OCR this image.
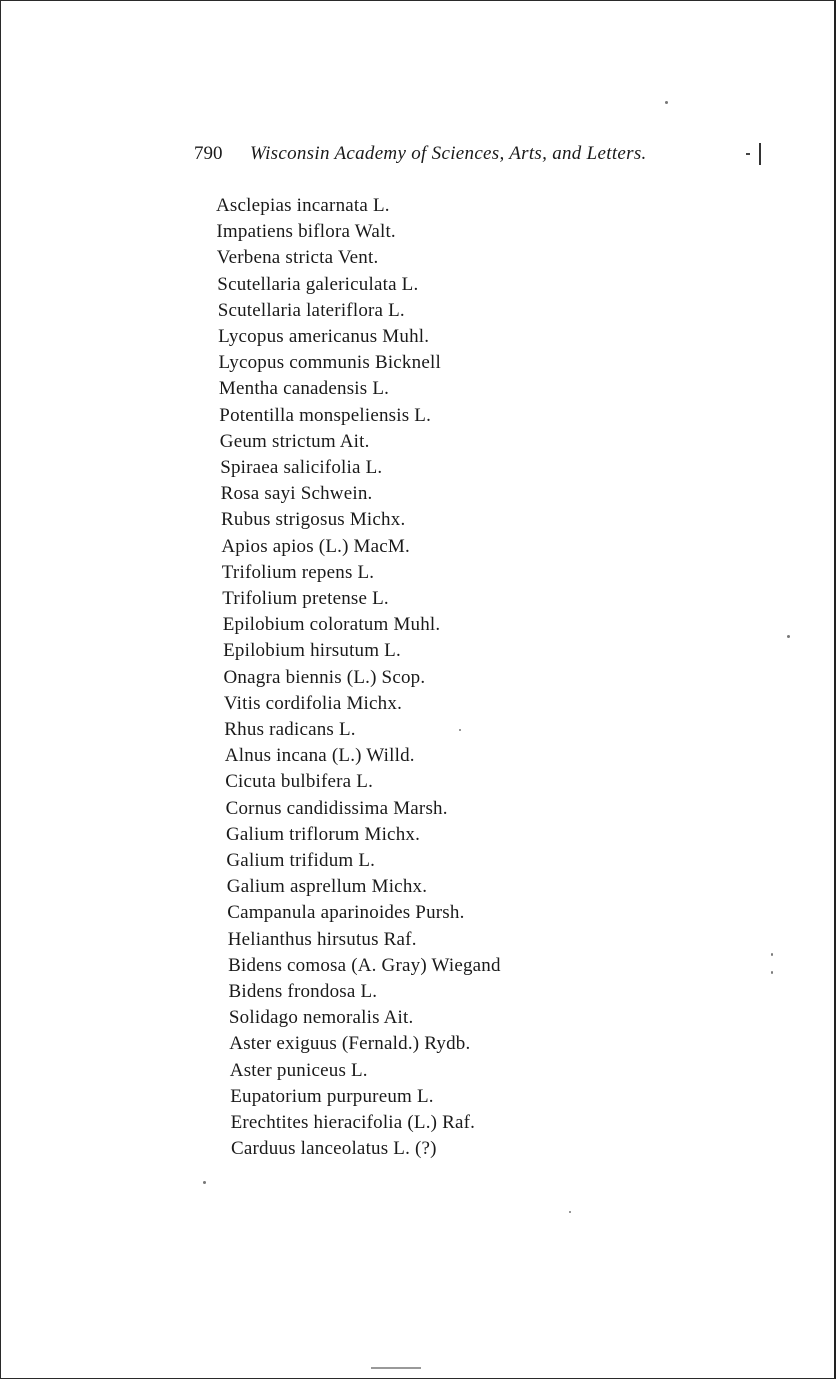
790 Wisconsin Academy of Sciences, Arts, and Letters.
Asclepias incarnata L.
Impatiens biflora Walt.
Verbena stricta Vent.
Scutellaria galericulata L.
Scutellaria lateriflora L.
Lycopus americanus Muhl.
Lycopus communis Bicknell
Mentha canadensis L.
Potentilla monspeliensis L.
Geum strictum Ait.
Spiraea salicifolia L.
Rosa sayi Schwein.
Rubus strigosus Michx.
Apios apios (L.) MacM.
Trifolium repens L.
Trifolium pretense L.
Epilobium coloratum Muhl.
Epilobium hirsutum L.
Onagra biennis (L.) Scop.
Vitis cordifolia Michx.
Rhus radicans L.
Alnus incana (L.) Willd.
Cicuta bulbifera L.
Cornus candidissima Marsh.
Galium triflorum Michx.
Galium trifidum L.
Galium asprellum Michx.
Campanula aparinoides Pursh.
Helianthus hirsutus Raf.
Bidens comosa (A. Gray) Wiegand
Bidens frondosa L.
Solidago nemoralis Ait.
Aster exiguus (Fernald.) Rydb.
Aster puniceus L.
Eupatorium purpureum L.
Erechtites hieracifolia (L.) Raf.
Carduus lanceolatus L. (?)
